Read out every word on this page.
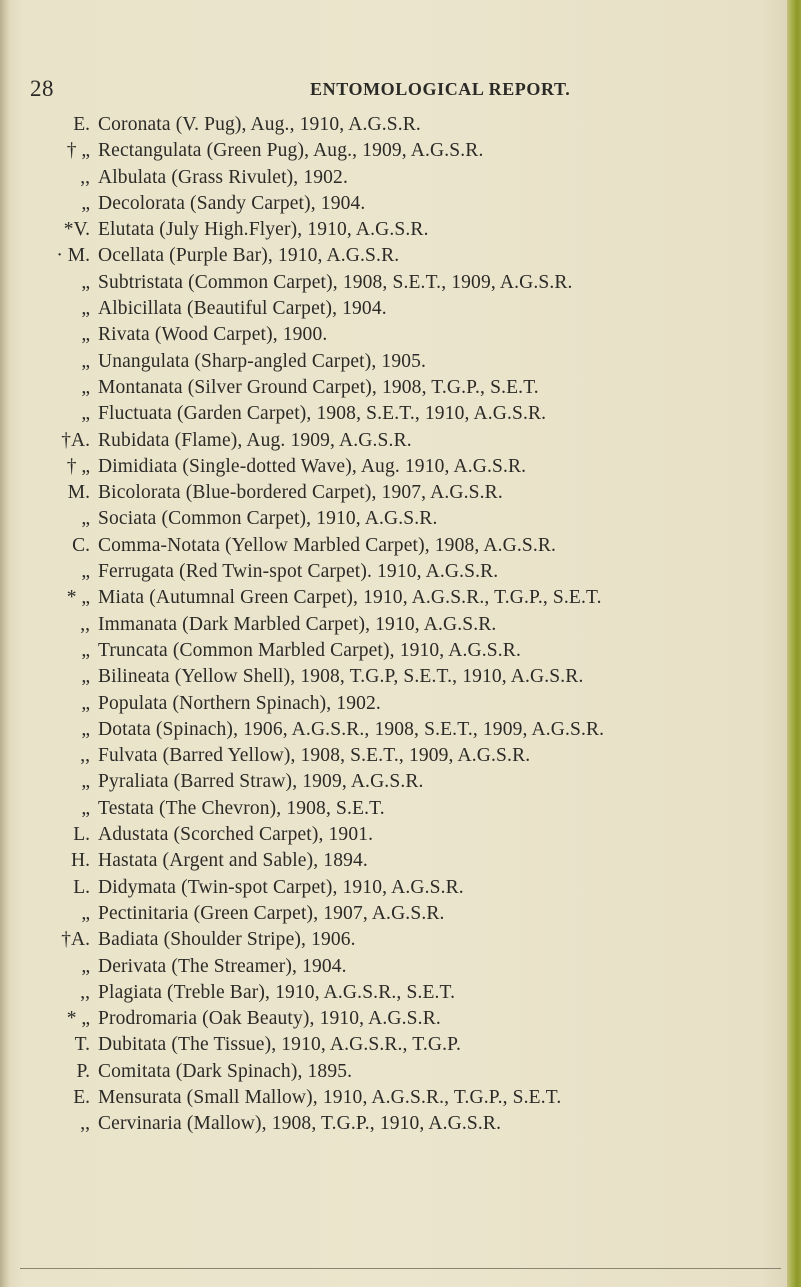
28	ENTOMOLOGICAL REPORT.
E. Coronata (V. Pug), Aug., 1910, A.G.S.R.
† „ Rectangulata (Green Pug), Aug., 1909, A.G.S.R.
,, Albulata (Grass Rivulet), 1902.
„ Decolorata (Sandy Carpet), 1904.
*V. Elutata (July High.Flyer), 1910, A.G.S.R.
· M. Ocellata (Purple Bar), 1910, A.G.S.R.
„ Subtristata (Common Carpet), 1908, S.E.T., 1909, A.G.S.R.
„ Albicillata (Beautiful Carpet), 1904.
„ Rivata (Wood Carpet), 1900.
„ Unangulata (Sharp-angled Carpet), 1905.
„ Montanata (Silver Ground Carpet), 1908, T.G.P., S.E.T.
„ Fluctuata (Garden Carpet), 1908, S.E.T., 1910, A.G.S.R.
†A. Rubidata (Flame), Aug. 1909, A.G.S.R.
† „ Dimidiata (Single-dotted Wave), Aug. 1910, A.G.S.R.
M. Bicolorata (Blue-bordered Carpet), 1907, A.G.S.R.
„ Sociata (Common Carpet), 1910, A.G.S.R.
C. Comma-Notata (Yellow Marbled Carpet), 1908, A.G.S.R.
„ Ferrugata (Red Twin-spot Carpet). 1910, A.G.S.R.
* „ Miata (Autumnal Green Carpet), 1910, A.G.S.R., T.G.P., S.E.T.
,, Immanata (Dark Marbled Carpet), 1910, A.G.S.R.
„ Truncata (Common Marbled Carpet), 1910, A.G.S.R.
„ Bilineata (Yellow Shell), 1908, T.G.P, S.E.T., 1910, A.G.S.R.
„ Populata (Northern Spinach), 1902.
„ Dotata (Spinach), 1906, A.G.S.R., 1908, S.E.T., 1909, A.G.S.R.
,, Fulvata (Barred Yellow), 1908, S.E.T., 1909, A.G.S.R.
„ Pyraliata (Barred Straw), 1909, A.G.S.R.
„ Testata (The Chevron), 1908, S.E.T.
L. Adustata (Scorched Carpet), 1901.
H. Hastata (Argent and Sable), 1894.
L. Didymata (Twin-spot Carpet), 1910, A.G.S.R.
„ Pectinitaria (Green Carpet), 1907, A.G.S.R.
†A. Badiata (Shoulder Stripe), 1906.
„ Derivata (The Streamer), 1904.
,, Plagiata (Treble Bar), 1910, A.G.S.R., S.E.T.
* „ Prodromaria (Oak Beauty), 1910, A.G.S.R.
T. Dubitata (The Tissue), 1910, A.G.S.R., T.G.P.
P. Comitata (Dark Spinach), 1895.
E. Mensurata (Small Mallow), 1910, A.G.S.R., T.G.P., S.E.T.
,, Cervinaria (Mallow), 1908, T.G.P., 1910, A.G.S.R.
